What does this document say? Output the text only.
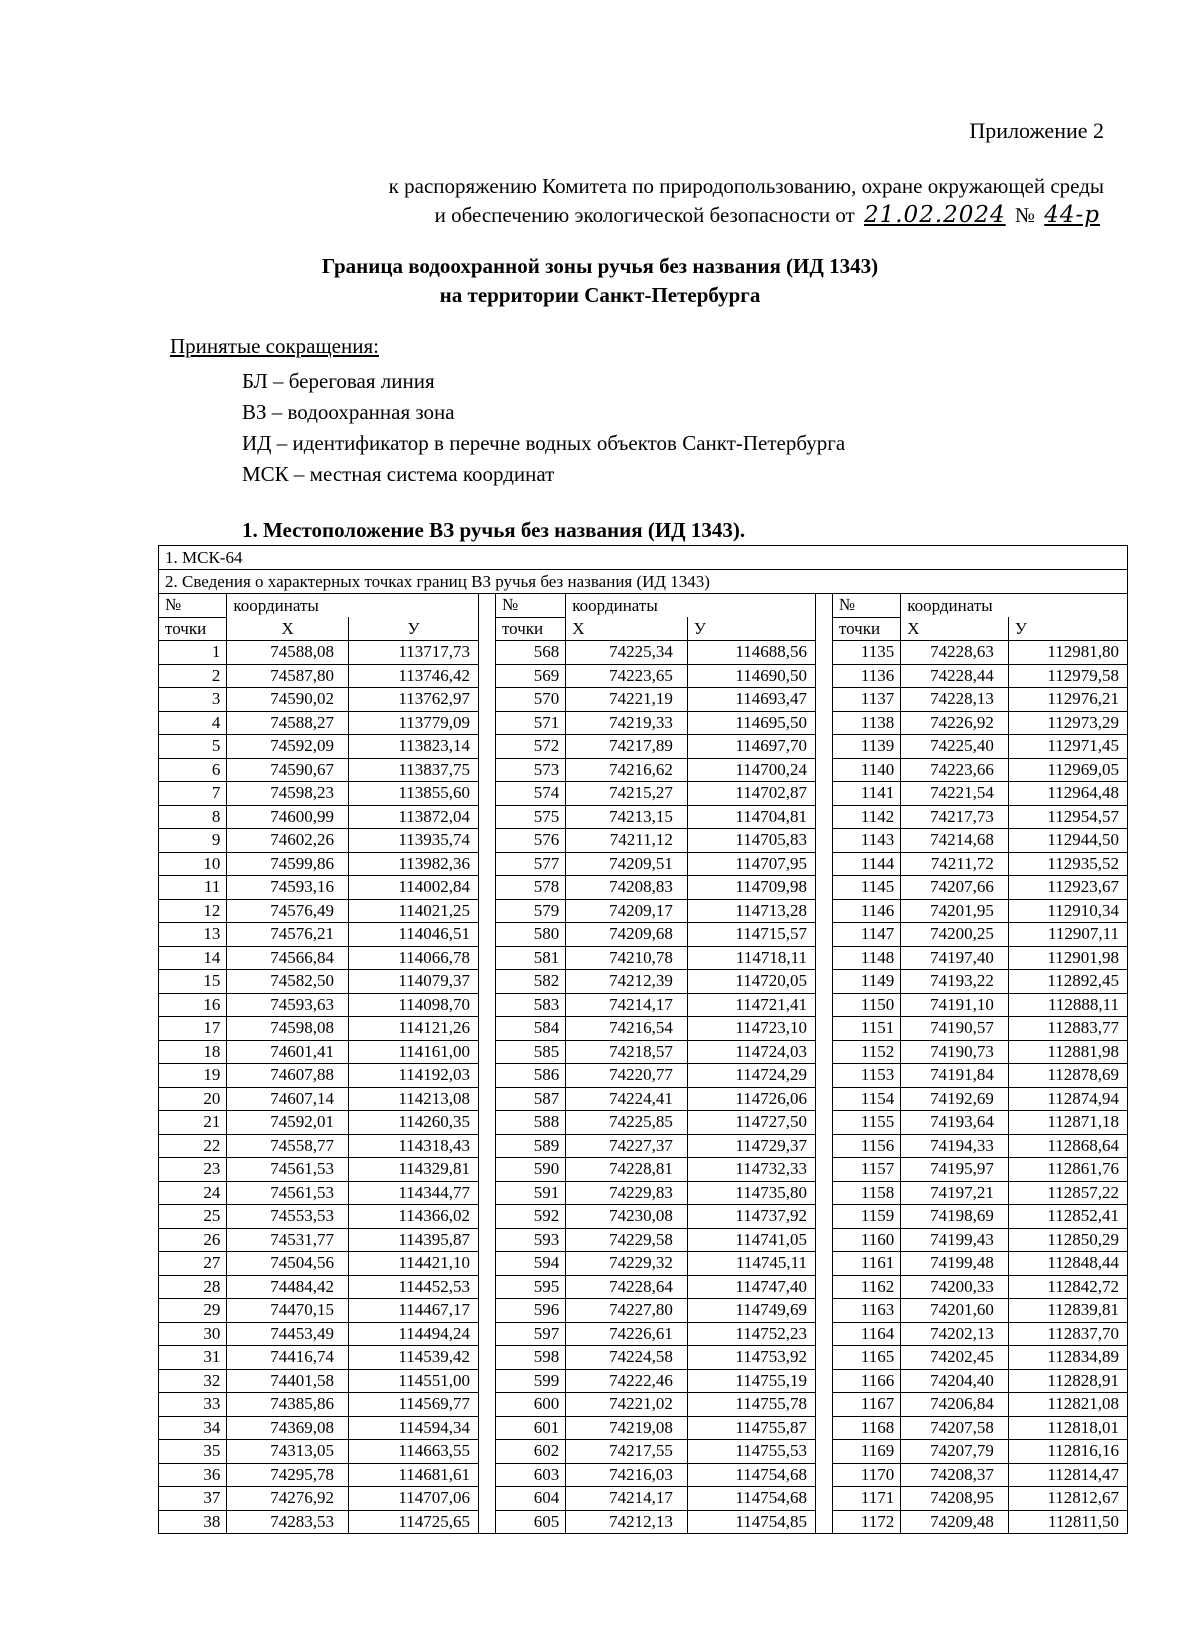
Приложение 2
к распоряжению Комитета по природопользованию, охране окружающей среды
и обеспечению экологической безопасности от 21.02.2024 № 44-р
Граница водоохранной зоны ручья без названия (ИД 1343)
на территории Санкт-Петербурга
Принятые сокращения:
БЛ – береговая линия
ВЗ – водоохранная зона
ИД – идентификатор в перечне водных объектов Санкт-Петербурга
МСК – местная система координат
1. Местоположение ВЗ ручья без названия (ИД 1343).
1. МСК-64
2. Сведения о характерных точках границ ВЗ ручья без названия (ИД 1343)
№	координаты	
точки	Х	У
1	74588,08	113717,73
2	74587,80	113746,42
3	74590,02	113762,97
4	74588,27	113779,09
5	74592,09	113823,14
6	74590,67	113837,75
7	74598,23	113855,60
8	74600,99	113872,04
9	74602,26	113935,74
10	74599,86	113982,36
11	74593,16	114002,84
12	74576,49	114021,25
13	74576,21	114046,51
14	74566,84	114066,78
15	74582,50	114079,37
16	74593,63	114098,70
17	74598,08	114121,26
18	74601,41	114161,00
19	74607,88	114192,03
20	74607,14	114213,08
21	74592,01	114260,35
22	74558,77	114318,43
23	74561,53	114329,81
24	74561,53	114344,77
25	74553,53	114366,02
26	74531,77	114395,87
27	74504,56	114421,10
28	74484,42	114452,53
29	74470,15	114467,17
30	74453,49	114494,24
31	74416,74	114539,42
32	74401,58	114551,00
33	74385,86	114569,77
34	74369,08	114594,34
35	74313,05	114663,55
36	74295,78	114681,61
37	74276,92	114707,06
38	74283,53	114725,65
№	координаты	
точки	Х	У
568	74225,34	114688,56
569	74223,65	114690,50
570	74221,19	114693,47
571	74219,33	114695,50
572	74217,89	114697,70
573	74216,62	114700,24
574	74215,27	114702,87
575	74213,15	114704,81
576	74211,12	114705,83
577	74209,51	114707,95
578	74208,83	114709,98
579	74209,17	114713,28
580	74209,68	114715,57
581	74210,78	114718,11
582	74212,39	114720,05
583	74214,17	114721,41
584	74216,54	114723,10
585	74218,57	114724,03
586	74220,77	114724,29
587	74224,41	114726,06
588	74225,85	114727,50
589	74227,37	114729,37
590	74228,81	114732,33
591	74229,83	114735,80
592	74230,08	114737,92
593	74229,58	114741,05
594	74229,32	114745,11
595	74228,64	114747,40
596	74227,80	114749,69
597	74226,61	114752,23
598	74224,58	114753,92
599	74222,46	114755,19
600	74221,02	114755,78
601	74219,08	114755,87
602	74217,55	114755,53
603	74216,03	114754,68
604	74214,17	114754,68
605	74212,13	114754,85
№	координаты	
точки	Х	У
1135	74228,63	112981,80
1136	74228,44	112979,58
1137	74228,13	112976,21
1138	74226,92	112973,29
1139	74225,40	112971,45
1140	74223,66	112969,05
1141	74221,54	112964,48
1142	74217,73	112954,57
1143	74214,68	112944,50
1144	74211,72	112935,52
1145	74207,66	112923,67
1146	74201,95	112910,34
1147	74200,25	112907,11
1148	74197,40	112901,98
1149	74193,22	112892,45
1150	74191,10	112888,11
1151	74190,57	112883,77
1152	74190,73	112881,98
1153	74191,84	112878,69
1154	74192,69	112874,94
1155	74193,64	112871,18
1156	74194,33	112868,64
1157	74195,97	112861,76
1158	74197,21	112857,22
1159	74198,69	112852,41
1160	74199,43	112850,29
1161	74199,48	112848,44
1162	74200,33	112842,72
1163	74201,60	112839,81
1164	74202,13	112837,70
1165	74202,45	112834,89
1166	74204,40	112828,91
1167	74206,84	112821,08
1168	74207,58	112818,01
1169	74207,79	112816,16
1170	74208,37	112814,47
1171	74208,95	112812,67
1172	74209,48	112811,50
